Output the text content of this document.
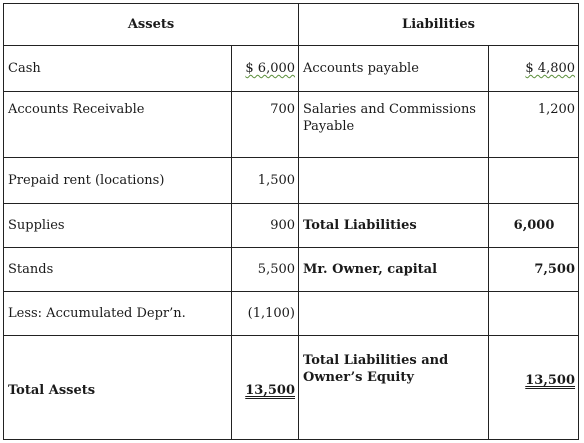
Assets		Liabilities	
Cash	$ 6,000	Accounts payable	$ 4,800
Accounts Receivable	700	Salaries and Commissions Payable	1,200
Prepaid rent (locations)	1,500		
Supplies	900	Total Liabilities	6,000
Stands	5,500	Mr. Owner, capital	7,500
Less: Accumulated Depr’n.	(1,100)		
Total Assets	13,500	Total Liabilities and Owner’s Equity	13,500
